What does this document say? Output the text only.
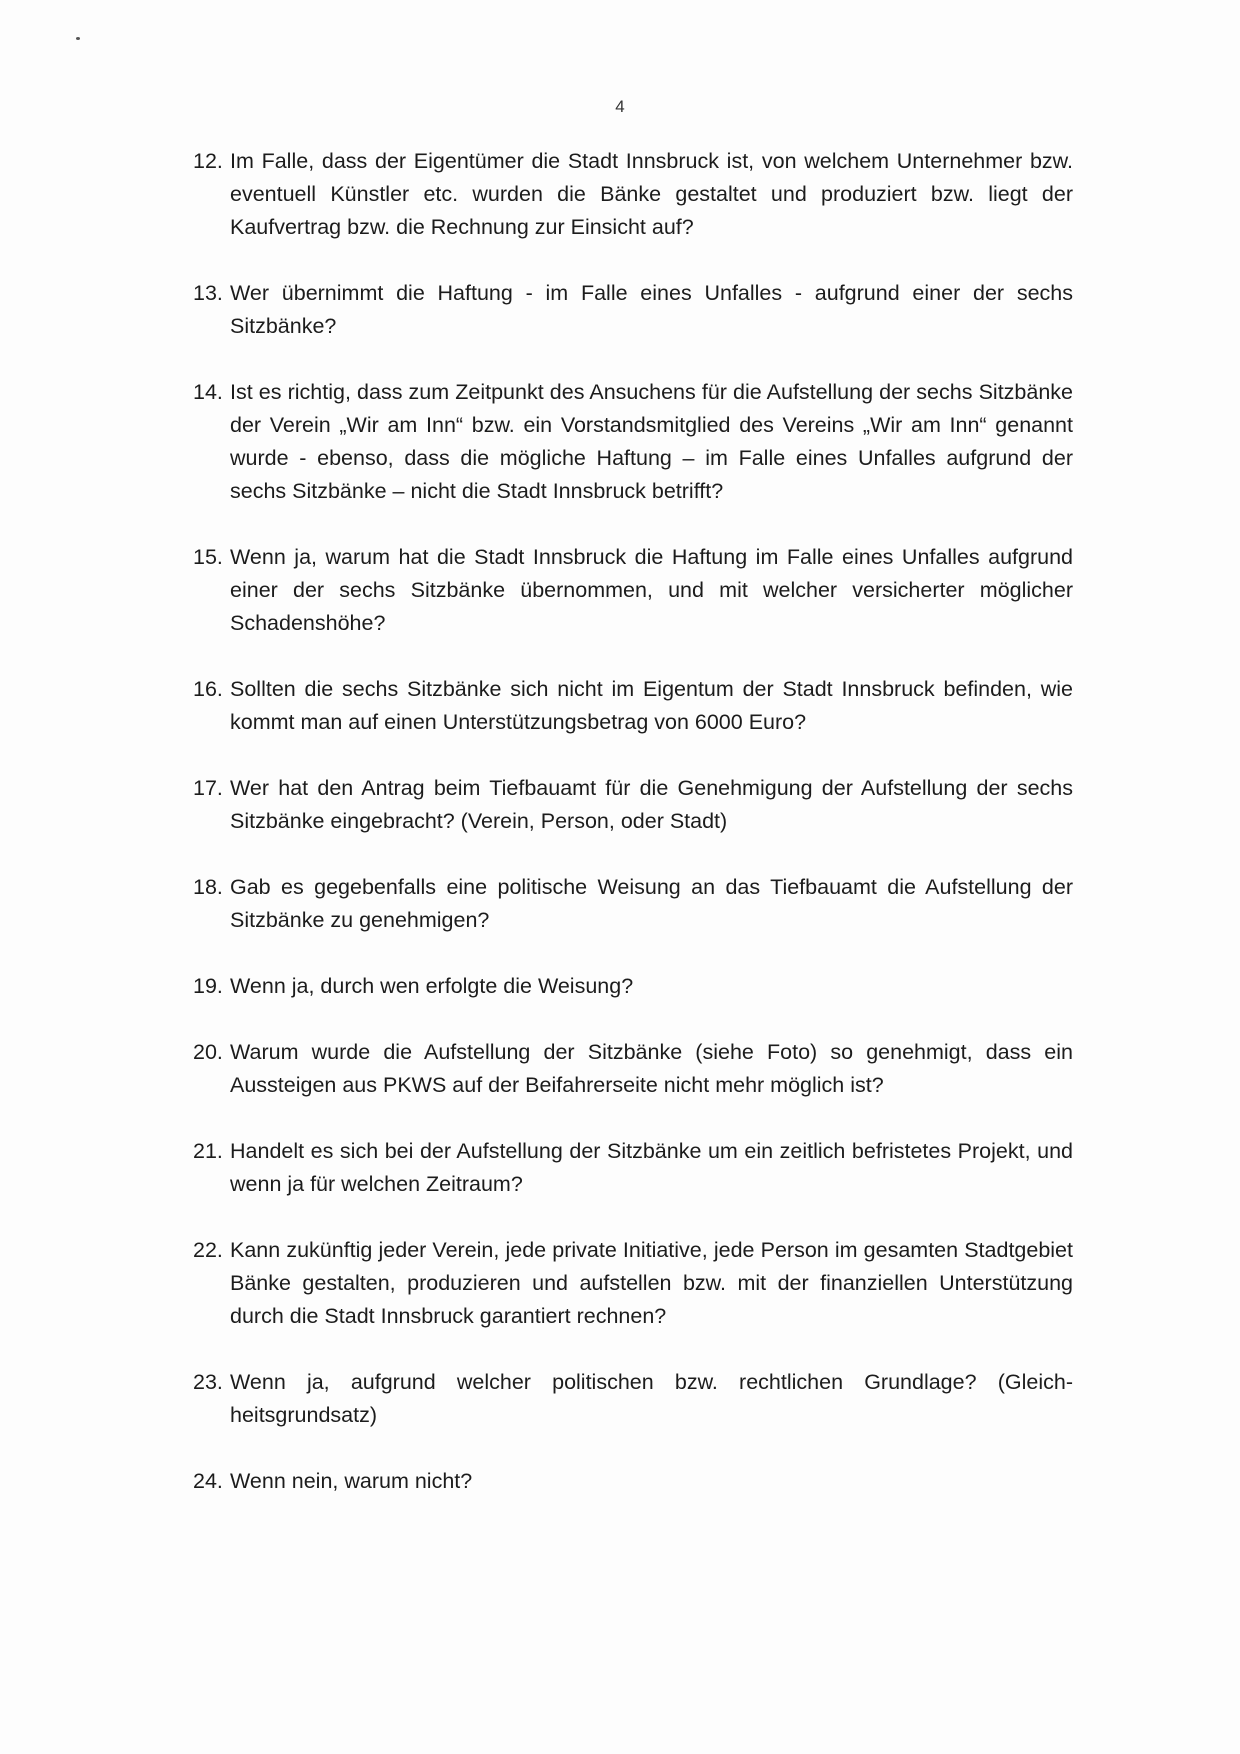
4
12. Im Falle, dass der Eigentümer die Stadt Innsbruck ist, von welchem Unternehmer bzw. eventuell Künstler etc. wurden die Bänke gestaltet und produziert bzw. liegt der Kaufvertrag bzw. die Rechnung zur Einsicht auf?
13. Wer übernimmt die Haftung - im Falle eines Unfalles - aufgrund einer der sechs Sitzbänke?
14. Ist es richtig, dass zum Zeitpunkt des Ansuchens für die Aufstellung der sechs Sitzbänke der Verein „Wir am Inn“ bzw. ein Vorstandsmitglied des Vereins „Wir am Inn“ genannt wurde - ebenso, dass die mögliche Haftung – im Falle eines Unfalles aufgrund der sechs Sitzbänke – nicht die Stadt Innsbruck betrifft?
15. Wenn ja, warum hat die Stadt Innsbruck die Haftung im Falle eines Unfalles aufgrund einer der sechs Sitzbänke übernommen, und mit welcher versicherter möglicher Schadenshöhe?
16. Sollten die sechs Sitzbänke sich nicht im Eigentum der Stadt Innsbruck befinden, wie kommt man auf einen Unterstützungsbetrag von 6000 Euro?
17. Wer hat den Antrag beim Tiefbauamt für die Genehmigung der Aufstellung der sechs Sitzbänke eingebracht? (Verein, Person, oder Stadt)
18. Gab es gegebenfalls eine politische Weisung an das Tiefbauamt die Aufstellung der Sitzbänke zu genehmigen?
19. Wenn ja, durch wen erfolgte die Weisung?
20. Warum wurde die Aufstellung der Sitzbänke (siehe Foto) so genehmigt, dass ein Aussteigen aus PKWS auf der Beifahrerseite nicht mehr möglich ist?
21. Handelt es sich bei der Aufstellung der Sitzbänke um ein zeitlich befristetes Projekt, und wenn ja für welchen Zeitraum?
22. Kann zukünftig jeder Verein, jede private Initiative, jede Person im gesamten Stadtgebiet Bänke gestalten, produzieren und aufstellen bzw. mit der finanziellen Unterstützung durch die Stadt Innsbruck garantiert rechnen?
23. Wenn ja, aufgrund welcher politischen bzw. rechtlichen Grundlage? (Gleichheitsgrundsatz)
24. Wenn nein, warum nicht?
